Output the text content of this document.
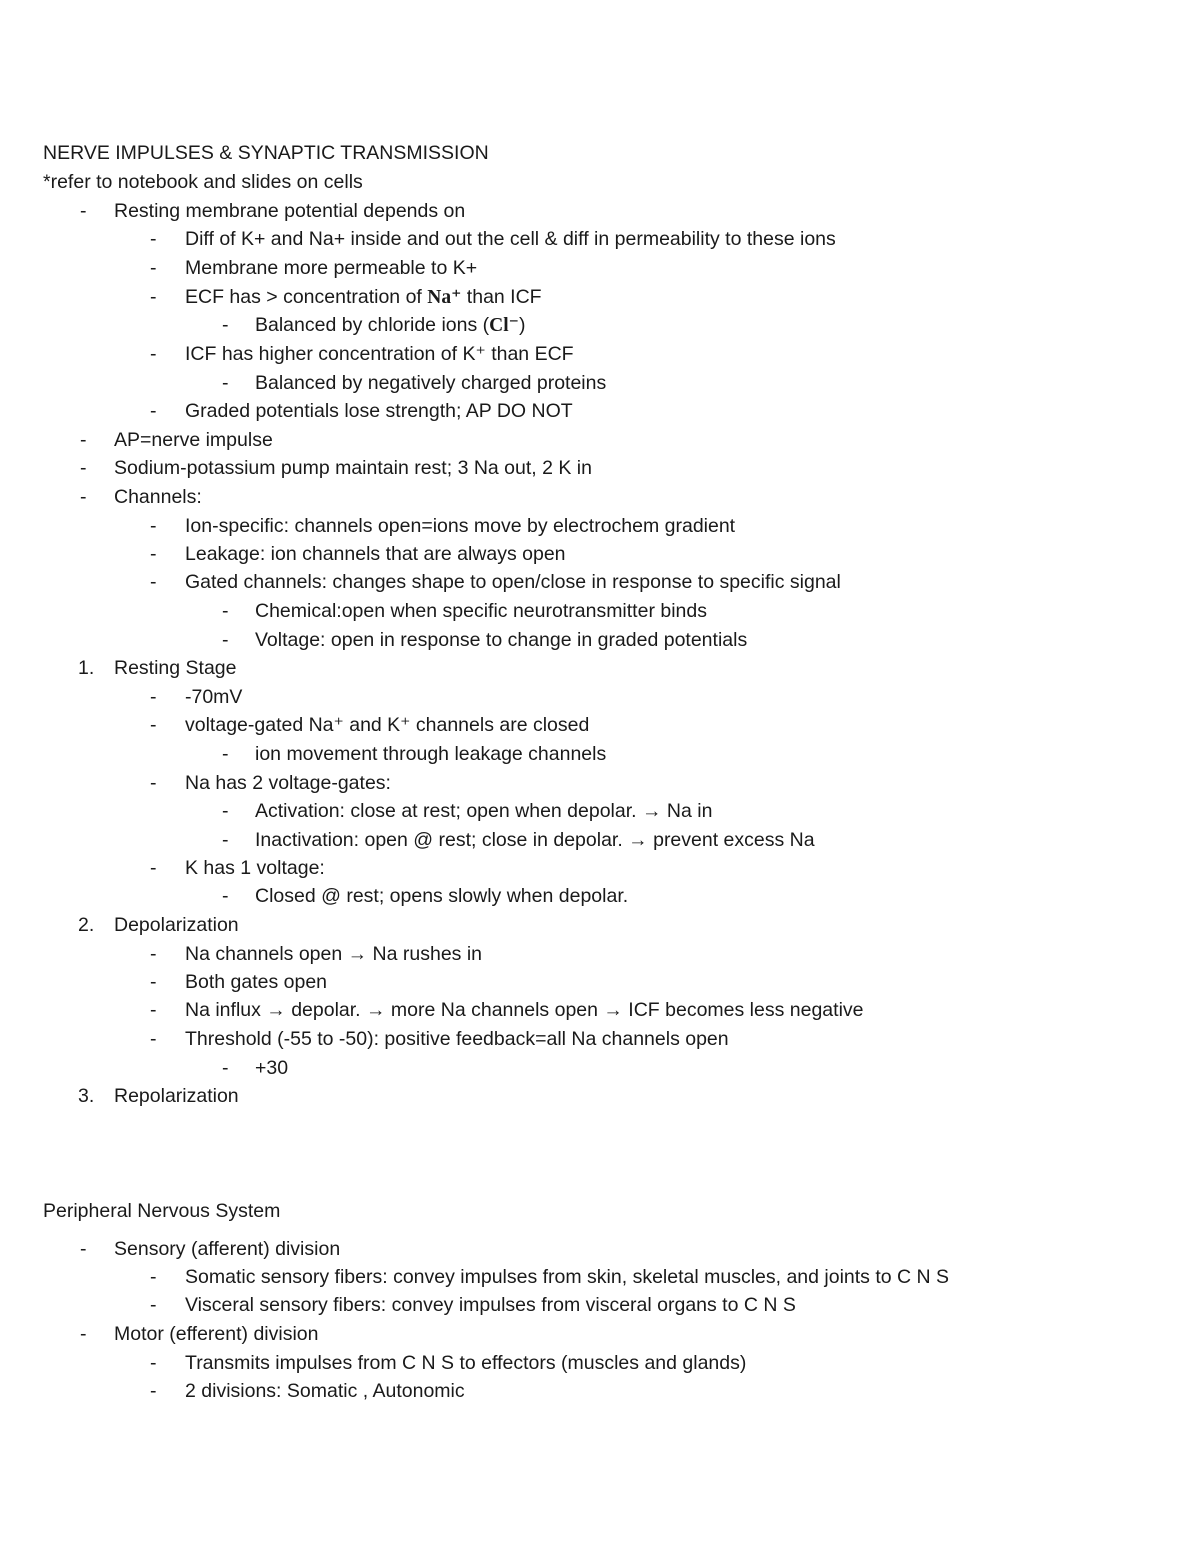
NERVE IMPULSES & SYNAPTIC TRANSMISSION
*refer to notebook and slides on cells
- Resting membrane potential depends on
- Diff of K+ and Na+ inside and out the cell & diff in permeability to these ions
- Membrane more permeable to K+
- ECF has > concentration of Na⁺ than ICF
- Balanced by chloride ions (Cl⁻)
- ICF has higher concentration of K⁺ than ECF
- Balanced by negatively charged proteins
- Graded potentials lose strength; AP DO NOT
- AP=nerve impulse
- Sodium-potassium pump maintain rest; 3 Na out, 2 K in
- Channels:
- Ion-specific: channels open=ions move by electrochem gradient
- Leakage: ion channels that are always open
- Gated channels: changes shape to open/close in response to specific signal
- Chemical:open when specific neurotransmitter binds
- Voltage: open in response to change in graded potentials
1. Resting Stage
- -70mV
- voltage-gated Na⁺ and K⁺ channels are closed
- ion movement through leakage channels
- Na has 2 voltage-gates:
- Activation: close at rest; open when depolar. → Na in
- Inactivation: open @ rest; close in depolar. → prevent excess Na
- K has 1 voltage:
- Closed @ rest; opens slowly when depolar.
2. Depolarization
- Na channels open → Na rushes in
- Both gates open
- Na influx → depolar. → more Na channels open → ICF becomes less negative
- Threshold (-55 to -50): positive feedback=all Na channels open
- +30
3. Repolarization
Peripheral Nervous System
- Sensory (afferent) division
- Somatic sensory fibers: convey impulses from skin, skeletal muscles, and joints to C N S
- Visceral sensory fibers: convey impulses from visceral organs to C N S
- Motor (efferent) division
- Transmits impulses from C N S to effectors (muscles and glands)
- 2 divisions: Somatic , Autonomic
